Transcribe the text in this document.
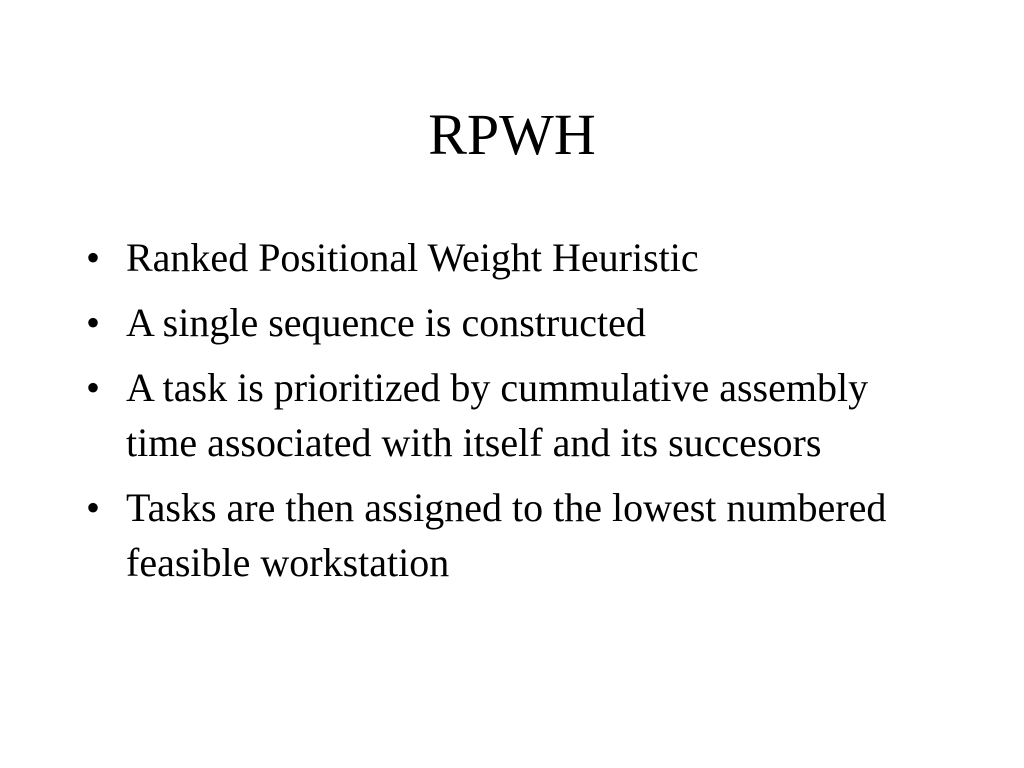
RPWH
• Ranked Positional Weight Heuristic
• A single sequence is constructed
• A task is prioritized by cummulative assembly time associated with itself and its succesors
• Tasks are then assigned to the lowest numbered feasible workstation
